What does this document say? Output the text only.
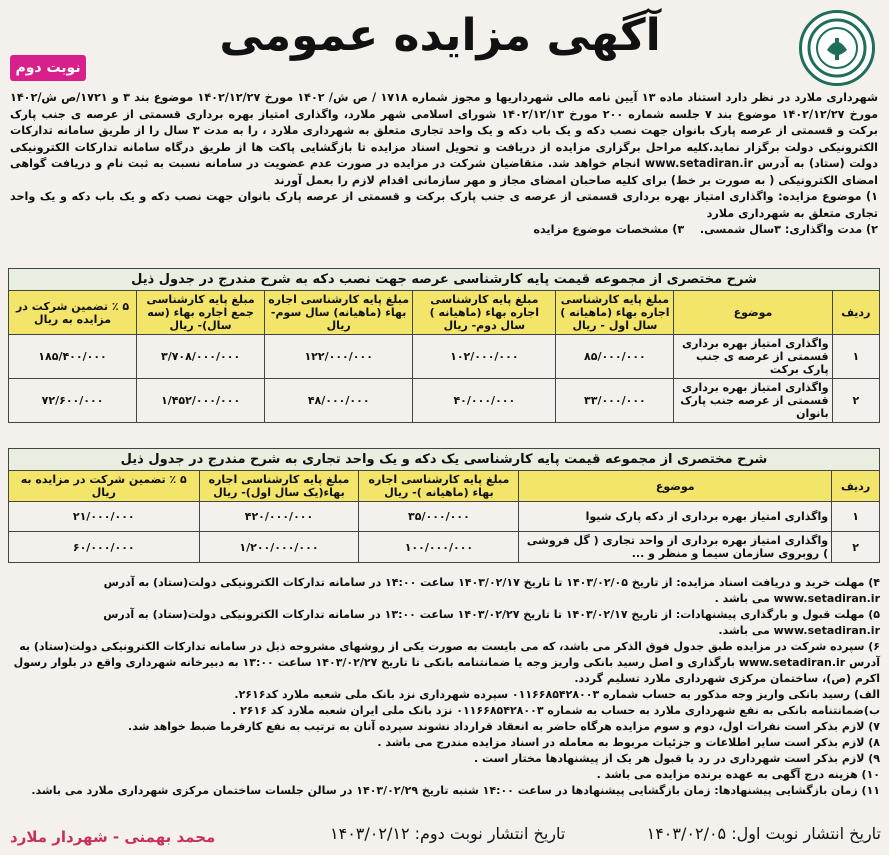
آگهی مزایده عمومی
نوبت دوم

شهرداری ملارد در نظر دارد استناد ماده ۱۳ آیین نامه مالی شهرداریها و مجوز شماره ۱۷۱۸ / ص ش/ ۱۴۰۲ مورخ ۱۴۰۲/۱۲/۲۷ موضوع بند ۳ و ۱۷۲۱/ص ش/۱۴۰۲ مورخ ۱۴۰۲/۱۲/۲۷ موضوع بند ۷ جلسه شماره ۲۰۰ مورخ ۱۴۰۲/۱۲/۱۳ شورای اسلامی شهر ملارد، واگذاری امتیاز بهره برداری قسمتی از عرصه ی جنب پارک برکت و قسمتی از عرصه پارک بانوان جهت نصب دکه و یک باب دکه و یک واحد تجاری متعلق به شهرداری ملارد ، را به مدت ۳ سال را از طریق سامانه تدارکات الکترونیکی دولت برگزار نماید.کلیه مراحل برگزاری مزایده از دریافت و تحویل اسناد مزایده تا بازگشایی پاکت ها از طریق درگاه سامانه تدارکات الکترونیکی دولت (ستاد) به آدرس www.setadiran.ir انجام خواهد شد. متقاضیان شرکت در مزایده در صورت عدم عضویت در سامانه نسبت به ثبت نام و دریافت گواهی امضای الکترونیکی ( به صورت بر خط) برای کلیه صاحبان امضای مجاز و مهر سازمانی اقدام لازم را بعمل آورند

۱) موضوع مزایده: واگذاری امتیاز بهره برداری قسمتی از عرصه ی جنب پارک برکت و قسمتی از عرصه پارک بانوان جهت نصب دکه و یک باب دکه و یک واحد تجاری متعلق به شهرداری ملارد

۲) مدت واگذاری: ۳سال شمسی.    ۳) مشخصات موضوع مزایده

شرح مختصری از مجموعه قیمت پایه کارشناسی عرصه جهت نصب دکه به شرح مندرج در جدول ذیل
ردیف	موضوع	مبلغ پایه کارشناسی اجاره بهاء (ماهیانه ) سال اول - ریال	مبلغ پایه کارشناسی اجاره بهاء (ماهیانه ) سال دوم- ریال	مبلغ پایه کارشناسی اجاره بهاء (ماهیانه) سال سوم- ریال	مبلغ پایه کارشناسی جمع اجاره بهاء (سه سال)- ریال	۵ ٪ تضمین شرکت در مزایده به ریال
۱	واگذاری امتیاز بهره برداری قسمتی از عرصه ی جنب پارک برکت	۸۵/۰۰۰/۰۰۰	۱۰۲/۰۰۰/۰۰۰	۱۲۲/۰۰۰/۰۰۰	۳/۷۰۸/۰۰۰/۰۰۰	۱۸۵/۴۰۰/۰۰۰
۲	واگذاری امتیاز بهره برداری قسمتی از عرصه جنب پارک بانوان	۳۳/۰۰۰/۰۰۰	۴۰/۰۰۰/۰۰۰	۴۸/۰۰۰/۰۰۰	۱/۴۵۲/۰۰۰/۰۰۰	۷۲/۶۰۰/۰۰۰
شرح مختصری از مجموعه قیمت پایه کارشناسی یک دکه و یک واحد تجاری به شرح مندرج در جدول ذیل
ردیف	موضوع	مبلغ پایه کارشناسی اجاره بهاء (ماهیانه )- ریال	مبلغ پایه کارشناسی اجاره بهاء(یک سال اول)- ریال	۵ ٪ تضمین شرکت در مزایده به ریال
۱	واگذاری امتیاز بهره برداری از دکه پارک شیوا	۳۵/۰۰۰/۰۰۰	۴۲۰/۰۰۰/۰۰۰	۲۱/۰۰۰/۰۰۰
۲	واگذاری امتیاز بهره برداری از واحد تجاری ( گل فروشی ) روبروی سازمان سیما و منظر و ...	۱۰۰/۰۰۰/۰۰۰	۱/۲۰۰/۰۰۰/۰۰۰	۶۰/۰۰۰/۰۰۰

۴) مهلت خرید و دریافت اسناد مزایده: از تاریخ ۱۴۰۳/۰۲/۰۵ تا تاریخ ۱۴۰۳/۰۲/۱۷ ساعت ۱۴:۰۰ در سامانه تدارکات الکترونیکی دولت(ستاد) به آدرس www.setadiran.ir می باشد .

۵) مهلت قبول و بارگذاری پیشنهادات: از تاریخ ۱۴۰۳/۰۲/۱۷ تا تاریخ ۱۴۰۳/۰۲/۲۷ ساعت ۱۳:۰۰ در سامانه تدارکات الکترونیکی دولت(ستاد) به آدرس www.setadiran.ir می باشد.

۶) سپرده شرکت در مزایده طبق جدول فوق الذکر می باشد، که می بایست به صورت یکی از روشهای مشروحه ذیل در سامانه تدارکات الکترونیکی دولت(ستاد) به آدرس www.setadiran.ir بارگذاری و اصل رسید بانکی واریز وجه یا ضمانتنامه بانکی تا تاریخ ۱۴۰۳/۰۲/۲۷ ساعت ۱۳:۰۰ به دبیرخانه شهرداری واقع در بلوار رسول اکرم (ص)، ساختمان مرکزی شهرداری ملارد تسلیم گردد.

الف) رسید بانکی واریز وجه مذکور به حساب شماره ۰۱۱۶۶۸۵۴۲۸۰۰۳ سپرده شهرداری نزد بانک ملی شعبه ملارد کد۲۶۱۶.

ب)ضمانتنامه بانکی به نفع شهرداری ملارد به حساب به شماره ۰۱۱۶۶۸۵۴۲۸۰۰۳ نزد بانک ملی ایران شعبه ملارد کد ۲۶۱۶ .

۷) لازم بذکر است نفرات اول، دوم و سوم مزایده هرگاه حاضر به انعقاد قرارداد نشوند سپرده آنان به ترتیب به نفع کارفرما ضبط خواهد شد.

۸) لازم بذکر است سایر اطلاعات و جزئیات مربوط به معامله در اسناد مزایده مندرج می باشد .

۹) لازم بذکر است شهرداری در رد یا قبول هر یک از پیشنهادها مختار است .

۱۰) هزینه درج آگهی به عهده برنده مزایده می باشد .

۱۱) زمان بازگشایی پیشنهادها: زمان بازگشایی پیشنهادها در ساعت ۱۴:۰۰ شنبه تاریخ ۱۴۰۳/۰۲/۲۹ در سالن جلسات ساختمان مرکزی شهرداری ملارد می باشد.

محمد بهمنی - شهردار ملارد	تاریخ انتشار نوبت دوم: ۱۴۰۳/۰۲/۱۲	تاریخ انتشار نوبت اول: ۱۴۰۳/۰۲/۰۵
